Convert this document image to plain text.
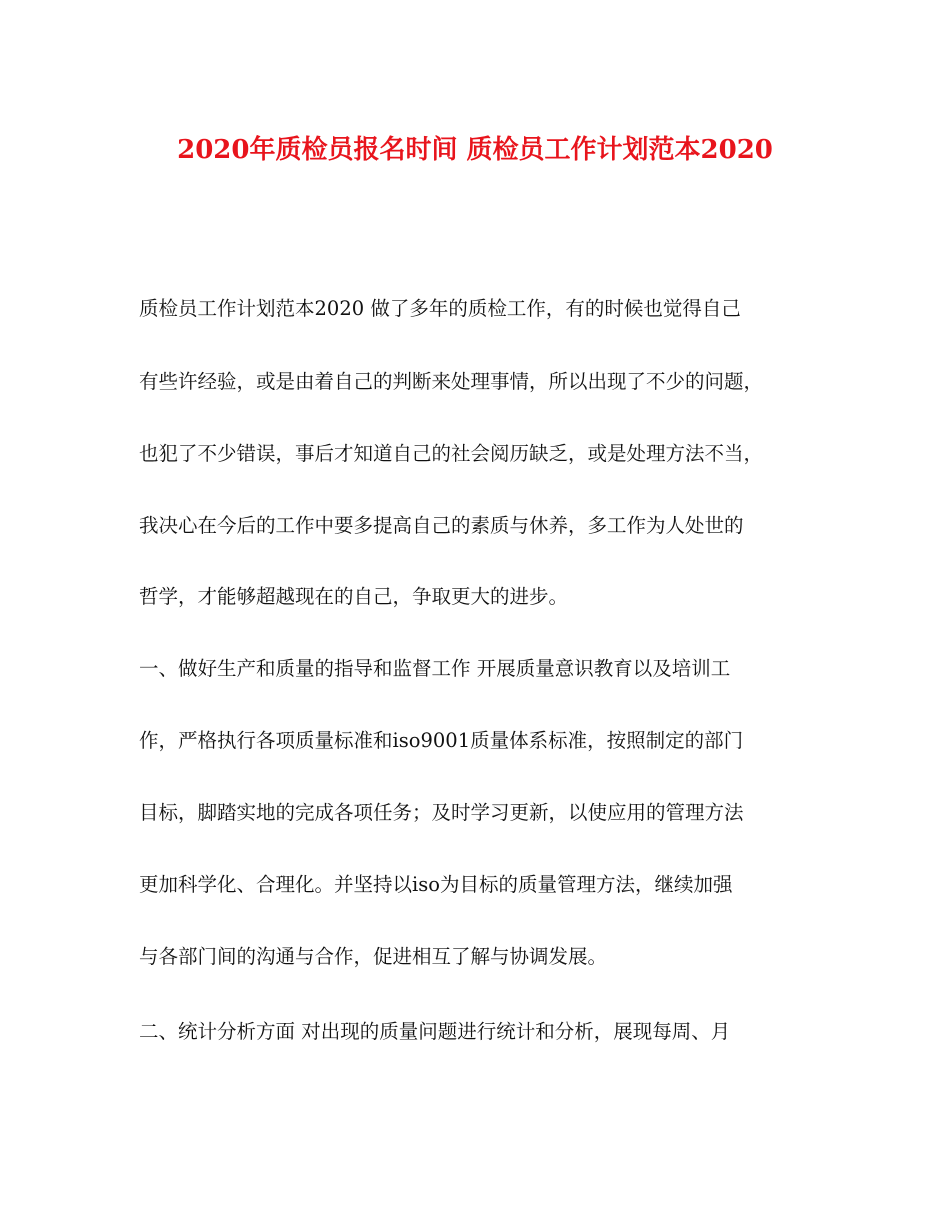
2020年质检员报名时间 质检员工作计划范本2020

质检员工作计划范本2020 做了多年的质检工作，有的时候也觉得自己

有些许经验，或是由着自己的判断来处理事情，所以出现了不少的问题，

也犯了不少错误，事后才知道自己的社会阅历缺乏，或是处理方法不当，

我决心在今后的工作中要多提高自己的素质与休养，多工作为人处世的

哲学，才能够超越现在的自己，争取更大的进步。

一、做好生产和质量的指导和监督工作 开展质量意识教育以及培训工

作，严格执行各项质量标准和iso9001质量体系标准，按照制定的部门

目标，脚踏实地的完成各项任务；及时学习更新，以使应用的管理方法

更加科学化、合理化。并坚持以iso为目标的质量管理方法，继续加强

与各部门间的沟通与合作，促进相互了解与协调发展。

二、统计分析方面 对出现的质量问题进行统计和分析，展现每周、月
